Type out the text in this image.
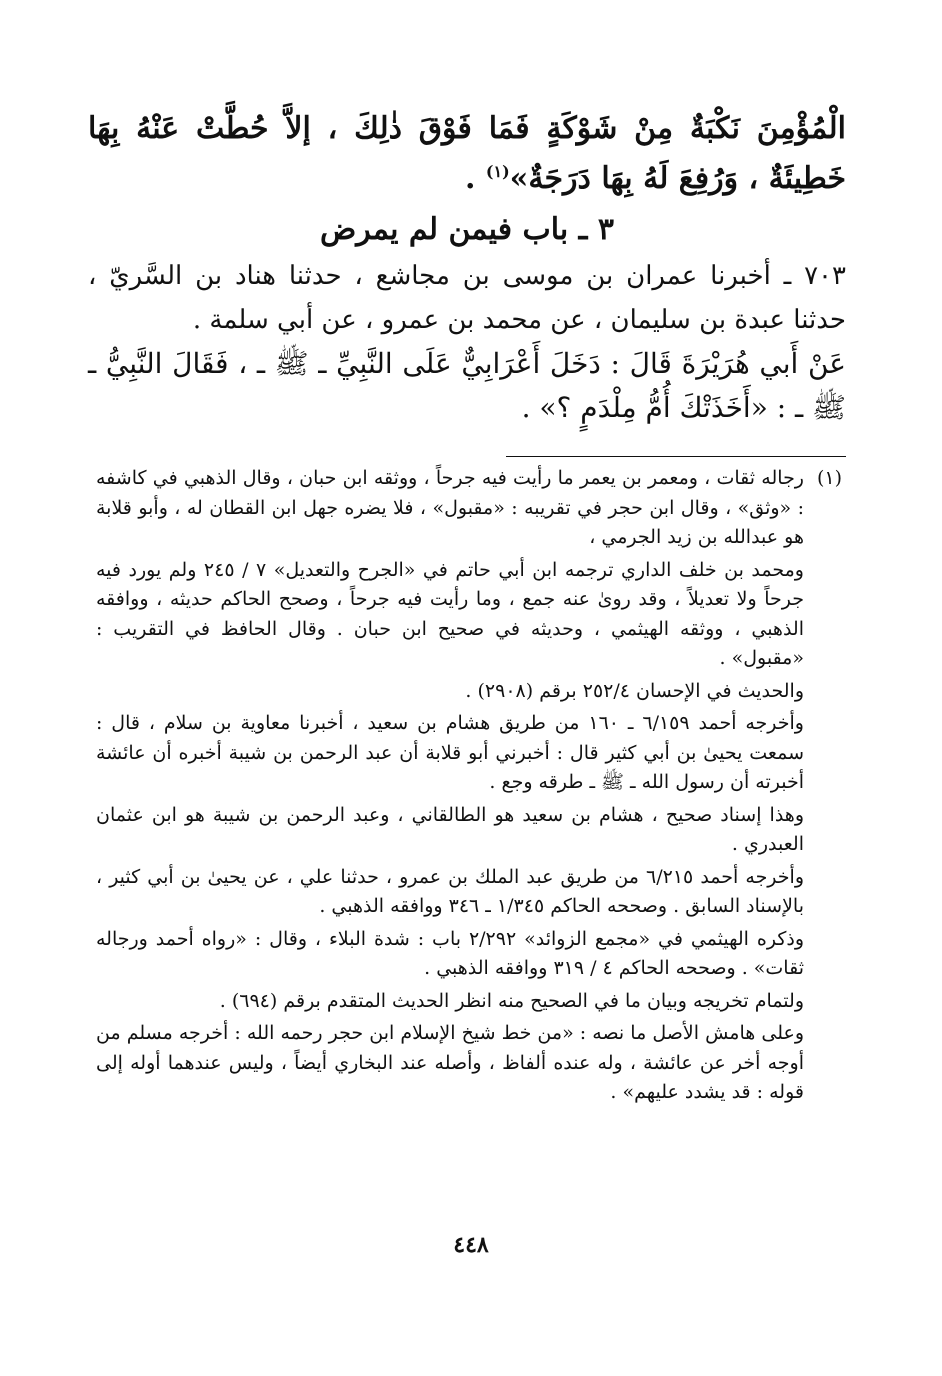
الْمُؤْمِنَ نَكْبَةٌ مِنْ شَوْكَةٍ فَمَا فَوْقَ ذٰلِكَ ، إلاَّ حُطَّتْ عَنْهُ بِهَا خَطِيئَةٌ ، وَرُفِعَ لَهُ بِهَا دَرَجَةٌ»$^{(١)}$ .

٣ ـ باب فيمن لم يمرض

٧٠٣ ـ أخبرنا عمران بن موسى بن مجاشع ، حدثنا هناد بن السَّريّ ، حدثنا عبدة بن سليمان ، عن محمد بن عمرو ، عن أبي سلمة .

عَنْ أَبي هُرَيْرَةَ قَالَ : دَخَلَ أَعْرَابِيٌّ عَلَى النَّبِيِّ ـ ﷺ ـ ، فَقَالَ النَّبِيُّ ـ ﷺ ـ : «أَخَذَتْكَ أُمُّ مِلْدَمٍ ؟» .

(١)رجاله ثقات ، ومعمر بن يعمر ما رأيت فيه جرحاً ، ووثقه ابن حبان ، وقال الذهبي في كاشفه : «وثق» ، وقال ابن حجر في تقريبه : «مقبول» ، فلا يضره جهل ابن القطان له ، وأبو قلابة هو عبدالله بن زيد الجرمي ،

ومحمد بن خلف الداري ترجمه ابن أبي حاتم في «الجرح والتعديل» ٧ / ٢٤٥ ولم يورد فيه جرحاً ولا تعديلاً ، وقد روىٰ عنه جمع ، وما رأيت فيه جرحاً ، وصحح الحاكم حديثه ، ووافقه الذهبي ، ووثقه الهيثمي ، وحديثه في صحيح ابن حبان . وقال الحافظ في التقريب : «مقبول» .

والحديث في الإحسان ٢٥٢/٤ برقم (٢٩٠٨) .

وأخرجه أحمد ٦/١٥٩ ـ ١٦٠ من طريق هشام بن سعيد ، أخبرنا معاوية بن سلام ، قال : سمعت يحيىٰ بن أبي كثير قال : أخبرني أبو قلابة أن عبد الرحمن بن شيبة أخبره أن عائشة أخبرته أن رسول الله ـ ﷺ ـ طرقه وجع .

وهذا إسناد صحيح ، هشام بن سعيد هو الطالقاني ، وعبد الرحمن بن شيبة هو ابن عثمان العبدري .

وأخرجه أحمد ٦/٢١٥ من طريق عبد الملك بن عمرو ، حدثنا علي ، عن يحيىٰ بن أبي كثير ، بالإسناد السابق . وصححه الحاكم ١/٣٤٥ ـ ٣٤٦ ووافقه الذهبي .

وذكره الهيثمي في «مجمع الزوائد» ٢/٢٩٢ باب : شدة البلاء ، وقال : «رواه أحمد ورجاله ثقات» . وصححه الحاكم ٤ / ٣١٩ ووافقه الذهبي .

ولتمام تخريجه وبيان ما في الصحيح منه انظر الحديث المتقدم برقم (٦٩٤) .

وعلى هامش الأصل ما نصه : «من خط شيخ الإسلام ابن حجر رحمه الله : أخرجه مسلم من أوجه أخر عن عائشة ، وله عنده ألفاظ ، وأصله عند البخاري أيضاً ، وليس عندهما أوله إلى قوله : قد يشدد عليهم» .

٤٤٨
